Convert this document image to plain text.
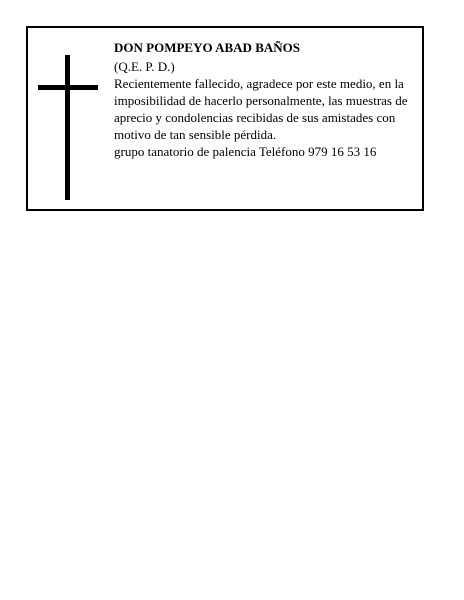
DON POMPEYO ABAD BAÑOS
(Q.E. P. D.)
Recientemente fallecido, agradece por este medio, en la imposibilidad de hacerlo personalmente, las muestras de aprecio y condolencias recibidas de sus amistades con motivo de tan sensible pérdida.
grupo tanatorio de palencia Teléfono 979 16 53 16
